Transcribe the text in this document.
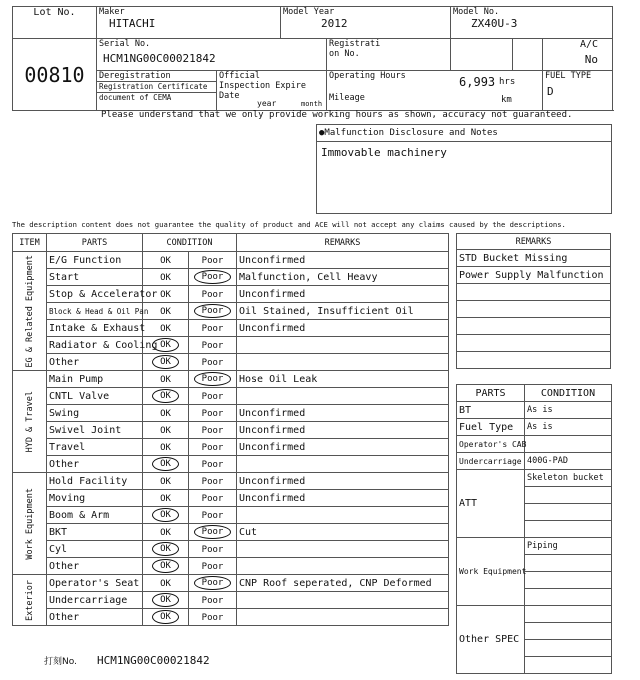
Lot No.	Maker
HITACHI		Model Year
2012		Model No.
ZX40U-3		

00810	Serial No.
HCM1NG00C00021842			Registrati on No.			A/C
No

	Deregistration
Registration Certificate
document of CEMA	Official Inspection Expire Date
year month		Operating Hours 6,993 hrs
Mileage km			FUEL TYPE
D
Please understand that we only provide working hours as shown, accuracy not guaranteed.
●Malfunction Disclosure and Notes
Immovable machinery
The description content does not guarantee the quality of product and ACE will not accept any claims caused by the descriptions.
ITEM	PARTS	CONDITION		REMARKS

EG & Related Equipment	E/G Function	OK	Poor	Unconfirmed
	Start	OK	Poor	Malfunction, Cell Heavy
	Stop & Accelerator	OK	Poor	Unconfirmed
	Block & Head & Oil Pan	OK	Poor	Oil Stained, Insufficient Oil
	Intake & Exhaust	OK	Poor	Unconfirmed
	Radiator & Cooling	OK	Poor	
	Other	OK	Poor	

HYD & Travel	Main Pump	OK	Poor	Hose Oil Leak
	CNTL Valve	OK	Poor	
	Swing	OK	Poor	Unconfirmed
	Swivel Joint	OK	Poor	Unconfirmed
	Travel	OK	Poor	Unconfirmed
	Other	OK	Poor	

Work Equipment	Hold Facility	OK	Poor	Unconfirmed
	Moving	OK	Poor	Unconfirmed
	Boom & Arm	OK	Poor	
	BKT	OK	Poor	Cut
	Cyl	OK	Poor	
	Other	OK	Poor	

Exterior	Operator's Seat	OK	Poor	CNP Roof seperated, CNP Deformed
	Undercarriage	OK	Poor	
	Other	OK	Poor	
REMARKS
STD Bucket Missing
Power Supply Malfunction

PARTS	CONDITION
BT	As is
Fuel Type	As is
Operator's CAB	
Undercarriage	400G-PAD
ATT	Skeleton bucket

Work Equipment	Piping

Other SPEC	

打刻No. HCM1NG00C00021842
